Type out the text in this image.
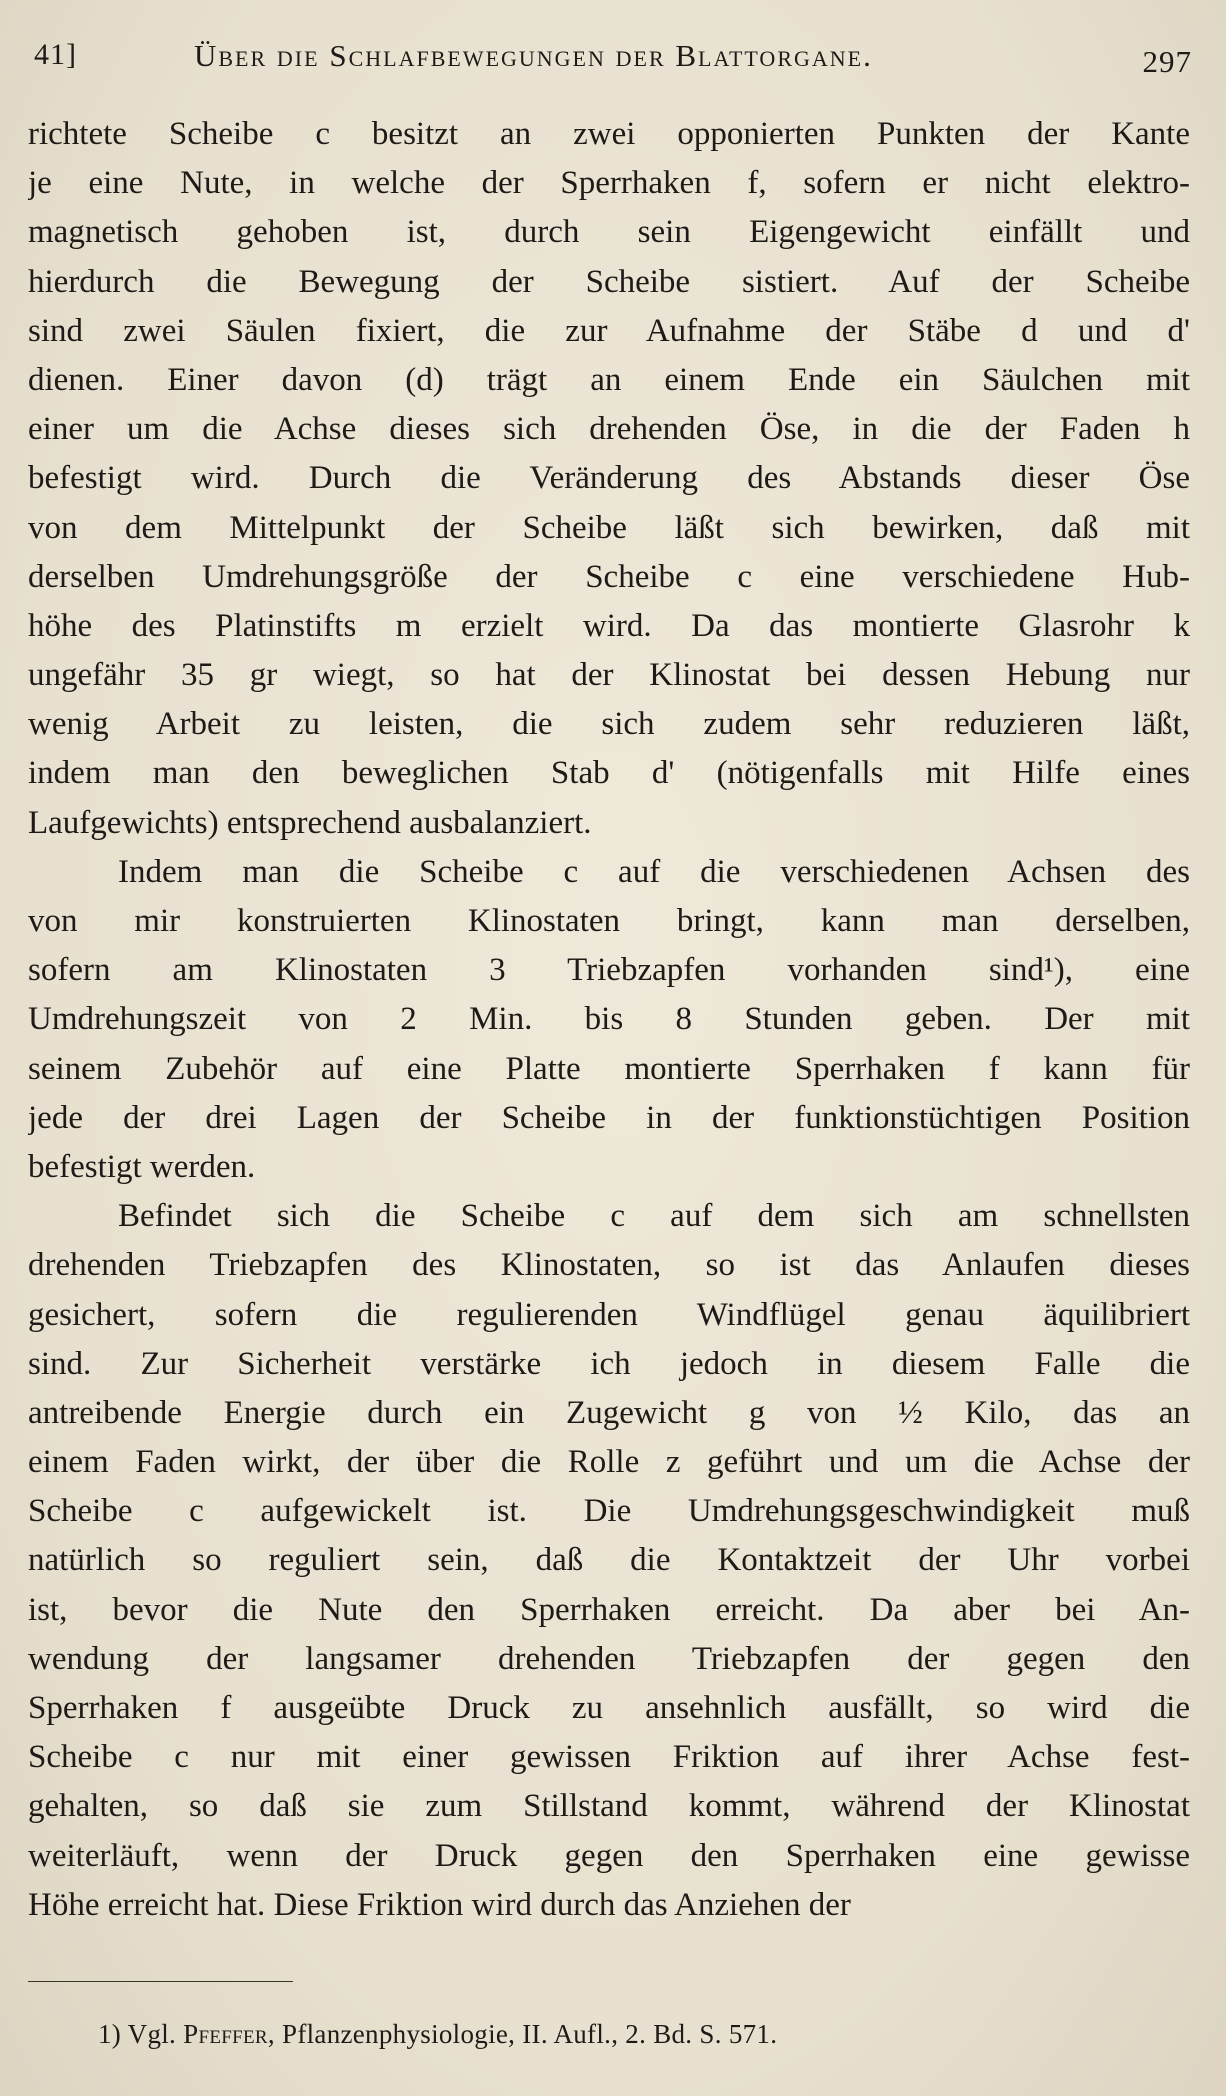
41]	Über die Schlafbewegungen der Blattorgane.	297
richtete Scheibe c besitzt an zwei opponierten Punkten der Kante
je eine Nute, in welche der Sperrhaken f, sofern er nicht elektro-
magnetisch gehoben ist, durch sein Eigengewicht einfällt und
hierdurch die Bewegung der Scheibe sistiert. Auf der Scheibe
sind zwei Säulen fixiert, die zur Aufnahme der Stäbe d und d'
dienen. Einer davon (d) trägt an einem Ende ein Säulchen mit
einer um die Achse dieses sich drehenden Öse, in die der Faden h
befestigt wird. Durch die Veränderung des Abstands dieser Öse
von dem Mittelpunkt der Scheibe läßt sich bewirken, daß mit
derselben Umdrehungsgröße der Scheibe c eine verschiedene Hub-
höhe des Platinstifts m erzielt wird. Da das montierte Glasrohr k
ungefähr 35 gr wiegt, so hat der Klinostat bei dessen Hebung nur
wenig Arbeit zu leisten, die sich zudem sehr reduzieren läßt,
indem man den beweglichen Stab d' (nötigenfalls mit Hilfe eines
Laufgewichts) entsprechend ausbalanziert.
Indem man die Scheibe c auf die verschiedenen Achsen des
von mir konstruierten Klinostaten bringt, kann man derselben,
sofern am Klinostaten 3 Triebzapfen vorhanden sind¹), eine
Umdrehungszeit von 2 Min. bis 8 Stunden geben. Der mit
seinem Zubehör auf eine Platte montierte Sperrhaken f kann für
jede der drei Lagen der Scheibe in der funktionstüchtigen Position
befestigt werden.
Befindet sich die Scheibe c auf dem sich am schnellsten
drehenden Triebzapfen des Klinostaten, so ist das Anlaufen dieses
gesichert, sofern die regulierenden Windflügel genau äquilibriert
sind. Zur Sicherheit verstärke ich jedoch in diesem Falle die
antreibende Energie durch ein Zugewicht g von ½ Kilo, das an
einem Faden wirkt, der über die Rolle z geführt und um die Achse der
Scheibe c aufgewickelt ist. Die Umdrehungsgeschwindigkeit muß
natürlich so reguliert sein, daß die Kontaktzeit der Uhr vorbei
ist, bevor die Nute den Sperrhaken erreicht. Da aber bei An-
wendung der langsamer drehenden Triebzapfen der gegen den
Sperrhaken f ausgeübte Druck zu ansehnlich ausfällt, so wird die
Scheibe c nur mit einer gewissen Friktion auf ihrer Achse fest-
gehalten, so daß sie zum Stillstand kommt, während der Klinostat
weiterläuft, wenn der Druck gegen den Sperrhaken eine gewisse
Höhe erreicht hat. Diese Friktion wird durch das Anziehen der
1) Vgl. Pfeffer, Pflanzenphysiologie, II. Aufl., 2. Bd. S. 571.
